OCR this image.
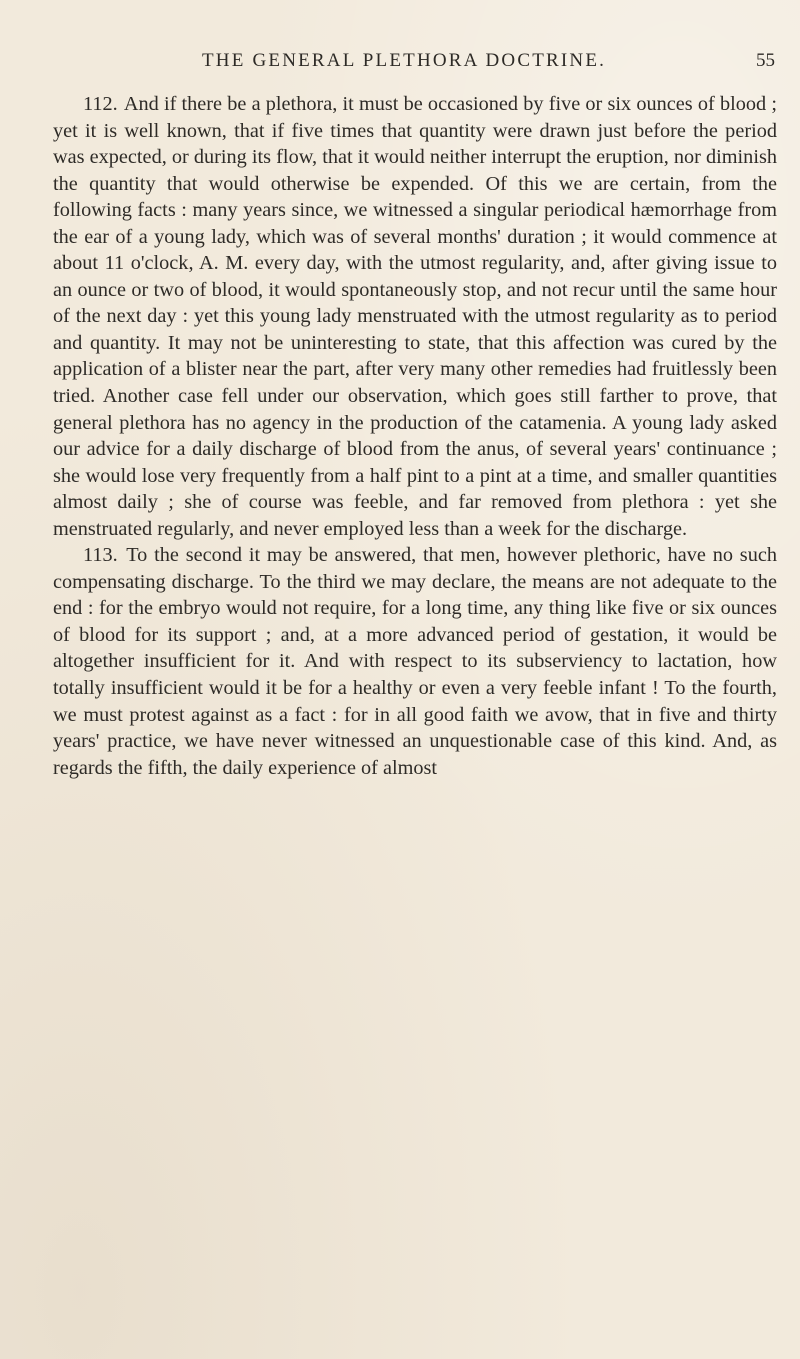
THE GENERAL PLETHORA DOCTRINE.	55

112. And if there be a plethora, it must be occasioned by five or six ounces of blood ; yet it is well known, that if five times that quantity were drawn just before the period was expected, or during its flow, that it would neither interrupt the eruption, nor diminish the quantity that would otherwise be expended. Of this we are certain, from the following facts : many years since, we witnessed a singular periodical hæmorrhage from the ear of a young lady, which was of several months' duration ; it would commence at about 11 o'clock, A. M. every day, with the utmost regularity, and, after giving issue to an ounce or two of blood, it would spontaneously stop, and not recur until the same hour of the next day : yet this young lady menstruated with the utmost regularity as to period and quantity. It may not be uninteresting to state, that this affection was cured by the application of a blister near the part, after very many other remedies had fruitlessly been tried. Another case fell under our observation, which goes still farther to prove, that general plethora has no agency in the production of the catamenia. A young lady asked our advice for a daily discharge of blood from the anus, of several years' continuance ; she would lose very frequently from a half pint to a pint at a time, and smaller quantities almost daily ; she of course was feeble, and far removed from plethora : yet she menstruated regularly, and never employed less than a week for the discharge.

113. To the second it may be answered, that men, however plethoric, have no such compensating discharge. To the third we may declare, the means are not adequate to the end : for the embryo would not require, for a long time, any thing like five or six ounces of blood for its support ; and, at a more advanced period of gestation, it would be altogether insufficient for it. And with respect to its subserviency to lactation, how totally insufficient would it be for a healthy or even a very feeble infant ! To the fourth, we must protest against as a fact : for in all good faith we avow, that in five and thirty years' practice, we have never witnessed an unquestionable case of this kind. And, as regards the fifth, the daily experience of almost
